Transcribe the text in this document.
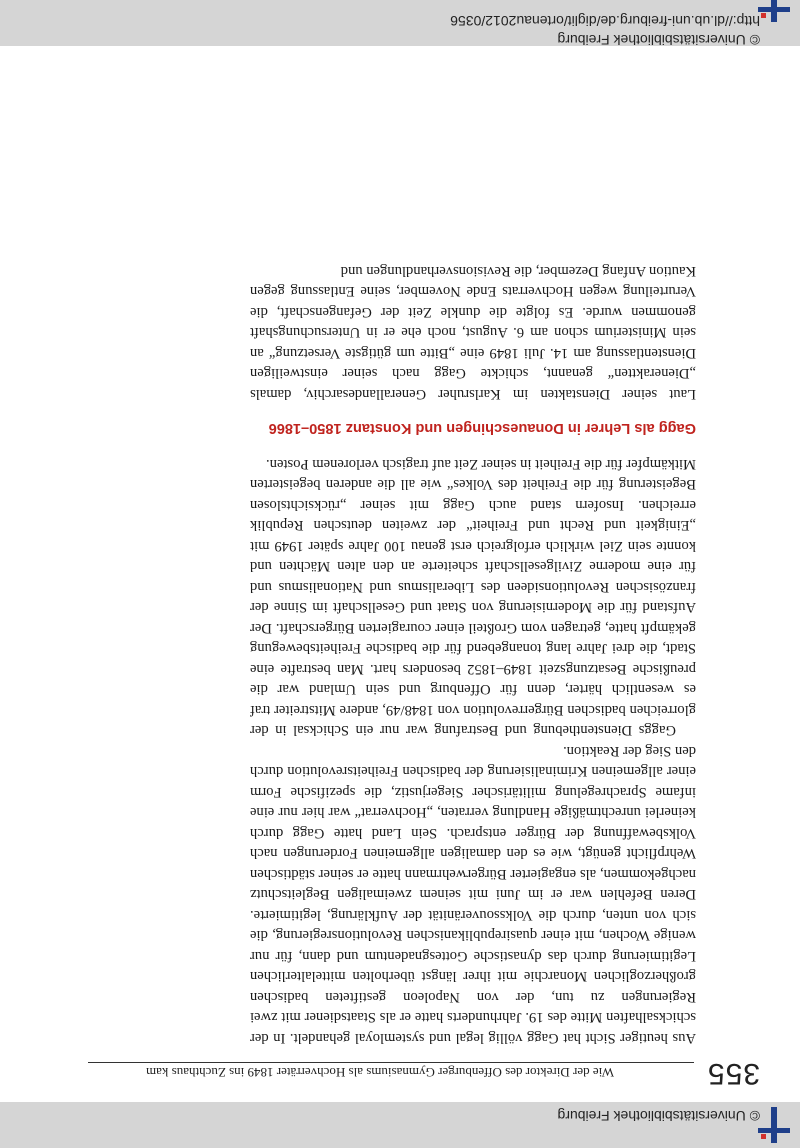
© Universitätsbibliothek Freiburg
Wie der Direktor des Offenburger Gymnasiums als Hochverräter 1849 ins Zuchthaus kam	355

Aus heutiger Sicht hat Gagg völlig legal und systemloyal gehandelt. In der schicksalhaften Mitte des 19. Jahrhunderts hatte er als Staatsdiener mit zwei Regierungen zu tun, der von Napoleon gestifteten badischen großherzoglichen Monarchie mit ihrer längst überholten mittelalterlichen Legitimierung durch das dynastische Gottesgnadentum und dann, für nur wenige Wochen, mit einer quasirepublikanischen Revolutionsregierung, die sich von unten, durch die Volkssouveränität der Aufklärung, legitimierte. Deren Befehlen war er im Juni mit seinem zweimaligen Begleitschutz nachgekommen, als engagierter Bürgerwehrmann hatte er seiner städtischen Wehrpflicht genügt, wie es den damaligen allgemeinen Forderungen nach Volksbewaffnung der Bürger entsprach. Sein Land hatte Gagg durch keinerlei unrechtmäßige Handlung verraten, „Hochverrat“ war hier nur eine infame Sprachregelung militärischer Siegerjustiz, die spezifische Form einer allgemeinen Kriminalisierung der badischen Freiheitsrevolution durch den Sieg der Reaktion.

Gaggs Dienstenthebung und Bestrafung war nur ein Schicksal in der glorreichen badischen Bürgerrevolution von 1848/49, andere Mitstreiter traf es wesentlich härter, denn für Offenburg und sein Umland war die preußische Besatzungszeit 1849–1852 besonders hart. Man bestrafte eine Stadt, die drei Jahre lang tonangebend für die badische Freiheitsbewegung gekämpft hatte, getragen vom Großteil einer couragierten Bürgerschaft. Der Aufstand für die Modernisierung von Staat und Gesellschaft im Sinne der französischen Revolutionsideen des Liberalismus und Nationalismus und für eine moderne Zivilgesellschaft scheiterte an den alten Mächten und konnte sein Ziel wirklich erfolgreich erst genau 100 Jahre später 1949 mit „Einigkeit und Recht und Freiheit“ der zweiten deutschen Republik erreichen. Insofern stand auch Gagg mit seiner „rücksichtslosen Begeisterung für die Freiheit des Volkes“ wie all die anderen begeisterten Mitkämpfer für die Freiheit in seiner Zeit auf tragisch verlorenem Posten.

Gagg als Lehrer in Donaueschingen und Konstanz 1850–1866

Laut seiner Dienstakten im Karlsruher Generallandesarchiv, damals „Dieneraktten“ genannt, schickte Gagg nach seiner einstweiligen Dienstentlassung am 14. Juli 1849 eine „Bitte um gütigste Versetzung“ an sein Ministerium schon am 6. August, noch ehe er in Untersuchungshaft genommen wurde. Es folgte die dunkle Zeit der Gefangenschaft, die Verurteilung wegen Hochverrats Ende November, seine Entlassung gegen Kaution Anfang Dezember, die Revisionsverhandlungen und

© Universitätsbibliothek Freiburg
http://dl.ub.uni-freiburg.de/diglit/ortenau2012/0356
